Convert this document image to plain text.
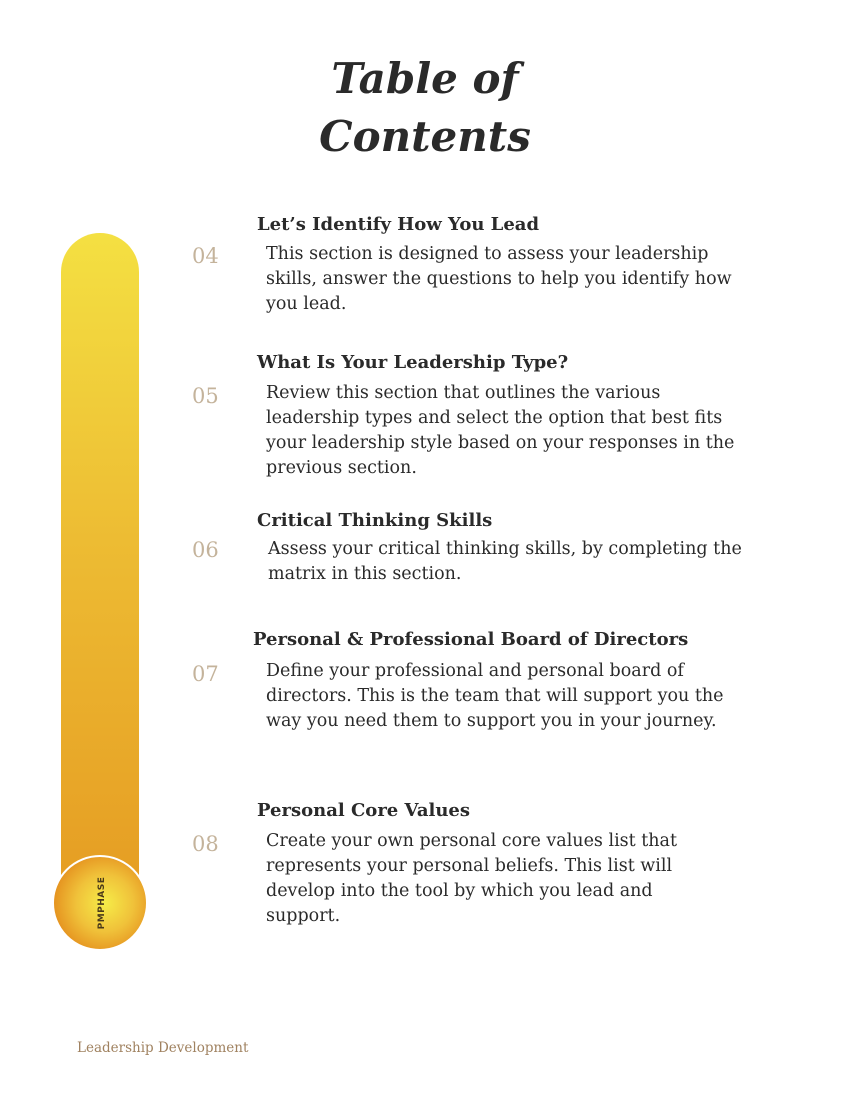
Table of
Contents
PMPHASE
Let’s Identify How You Lead
04	This section is designed to assess your leadership skills, answer the questions to help you identify how you lead.

What Is Your Leadership Type?
05	Review this section that outlines the various leadership types and select the option that best fits your leadership style based on your responses in the previous section.

Critical Thinking Skills
06	Assess your critical thinking skills, by completing the matrix in this section.

Personal & Professional Board of Directors
07	Define your professional and personal board of directors. This is the team that will support you the way you need them to support you in your journey.

Personal Core Values
08	Create your own personal core values list that represents your personal beliefs. This list will develop into the tool by which you lead and support.

Leadership Development
